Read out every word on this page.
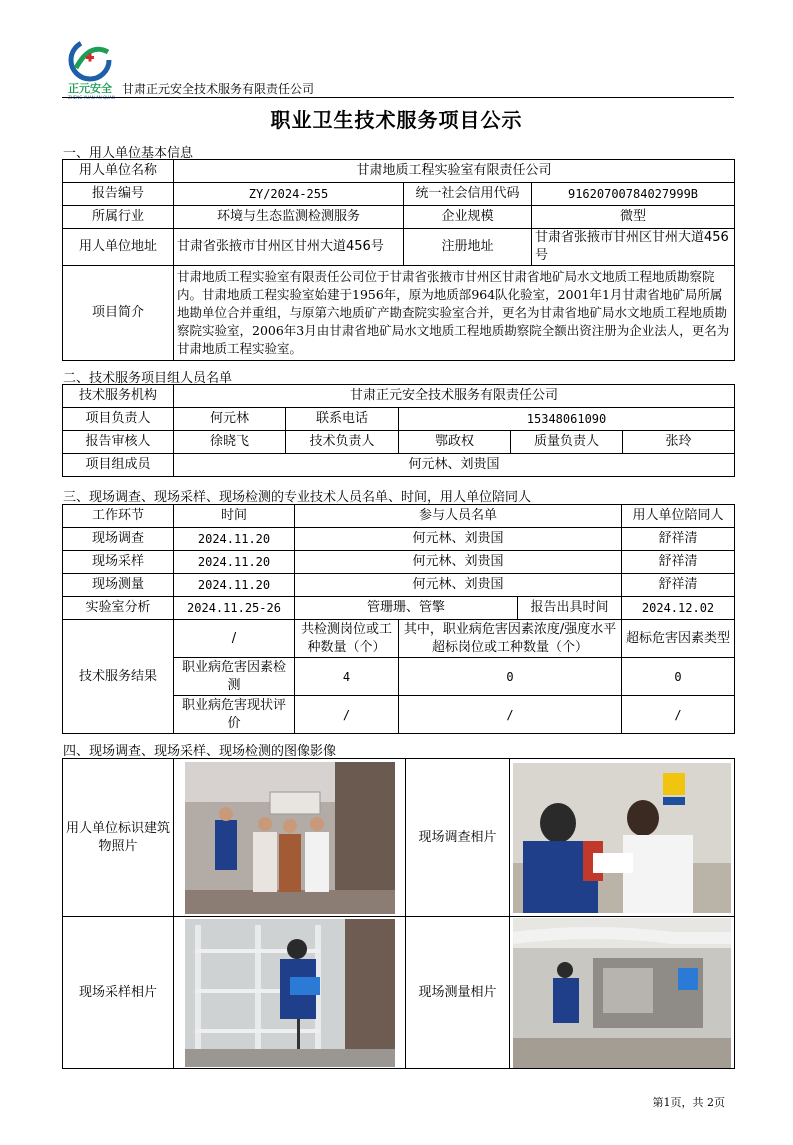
正元安全 甘肃正元安全技术服务有限责任公司
职业卫生技术服务项目公示
一、用人单位基本信息
用人单位名称	甘肃地质工程实验室有限责任公司		
报告编号	ZY/2024-255	统一社会信用代码	91620700784027999B
所属行业	环境与生态监测检测服务	企业规模	微型
用人单位地址	甘肃省张掖市甘州区甘州大道456号	注册地址	甘肃省张掖市甘州区甘州大道456号
项目简介	甘肃地质工程实验室有限责任公司位于甘肃省张掖市甘州区甘肃省地矿局水文地质工程地质勘察院内。甘肃地质工程实验室始建于1956年，原为地质部964队化验室，2001年1月甘肃省地矿局所属地勘单位合并重组，与原第六地质矿产勘查院实验室合并，更名为甘肃省地矿局水文地质工程地质勘察院实验室，2006年3月由甘肃省地矿局水文地质工程地质勘察院全额出资注册为企业法人，更名为甘肃地质工程实验室。		
二、技术服务项目组人员名单
技术服务机构	甘肃正元安全技术服务有限责任公司				
项目负责人	何元林	联系电话	15348061090		
报告审核人	徐晓飞	技术负责人	鄂政权	质量负责人	张玲
项目组成员	何元林、刘贵国				
三、现场调查、现场采样、现场检测的专业技术人员名单、时间，用人单位陪同人
工作环节	时间	参与人员名单			用人单位陪同人
现场调查	2024.11.20	何元林、刘贵国			舒祥清
现场采样	2024.11.20	何元林、刘贵国			舒祥清
现场测量	2024.11.20	何元林、刘贵国			舒祥清
实验室分析	2024.11.25-26	管珊珊、管擎		报告出具时间	2024.12.02
技术服务结果	/	共检测岗位或工种数量（个）	其中，职业病危害因素浓度/强度水平超标岗位或工种数量（个）		超标危害因素类型
	职业病危害因素检测	4	0		0
	职业病危害现状评价	/	/		/
四、现场调查、现场采样、现场检测的图像影像
用人单位标识建筑物照片		现场调查相片	

现场采样相片		现场测量相片	
第1页，共 2页
